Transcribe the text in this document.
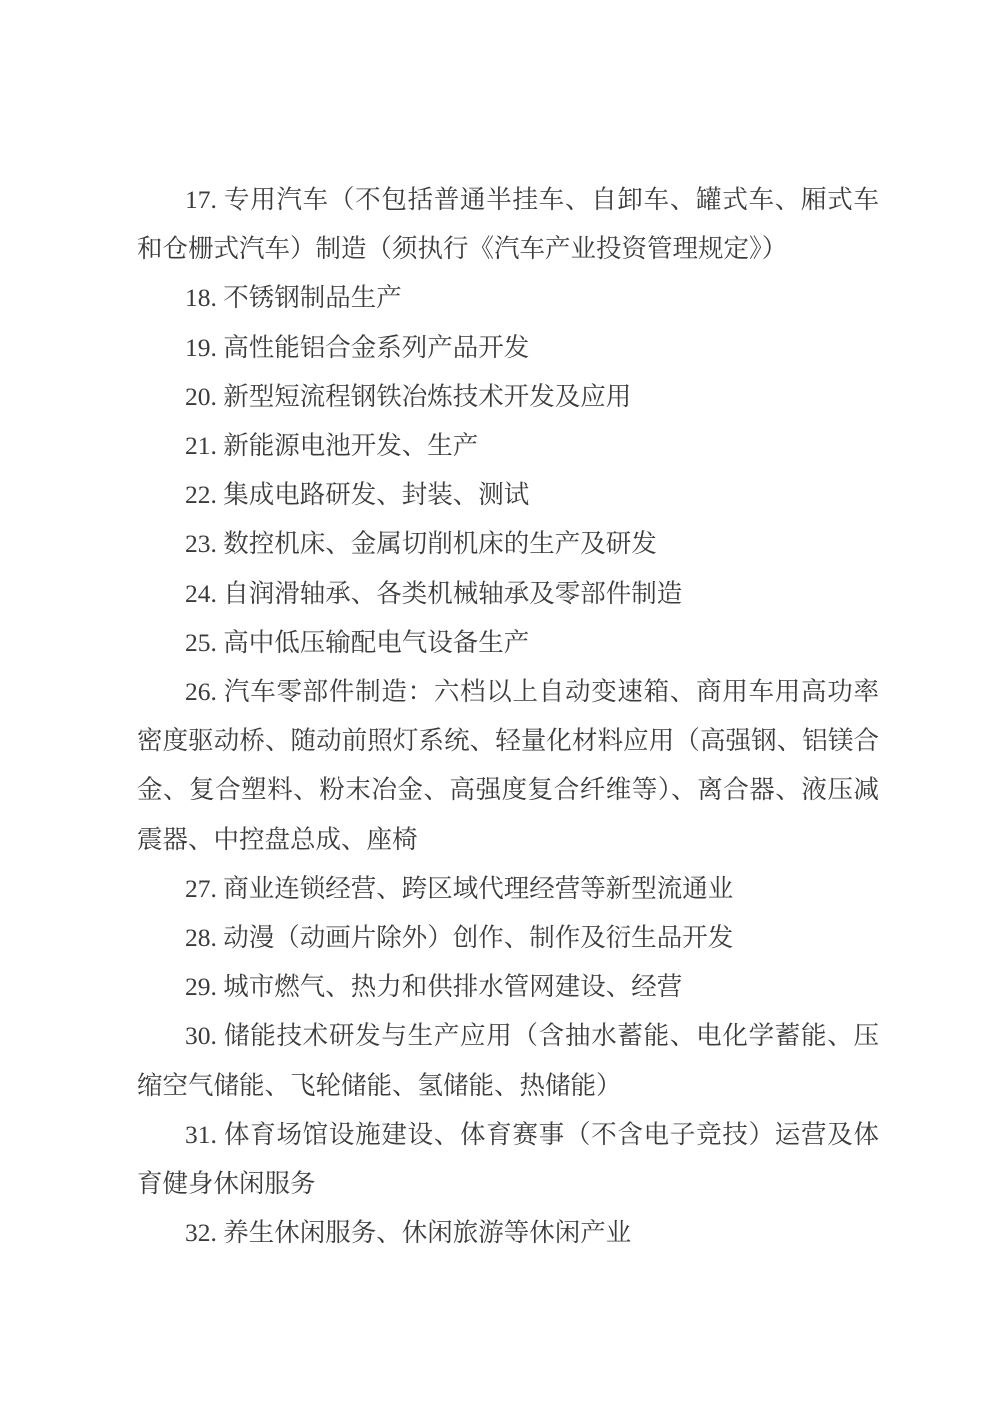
17. 专用汽车（不包括普通半挂车、自卸车、罐式车、厢式车和仓栅式汽车）制造（须执行《汽车产业投资管理规定》）

18. 不锈钢制品生产

19. 高性能铝合金系列产品开发

20. 新型短流程钢铁冶炼技术开发及应用

21. 新能源电池开发、生产

22. 集成电路研发、封装、测试

23. 数控机床、金属切削机床的生产及研发

24. 自润滑轴承、各类机械轴承及零部件制造

25. 高中低压输配电气设备生产

26. 汽车零部件制造：六档以上自动变速箱、商用车用高功率密度驱动桥、随动前照灯系统、轻量化材料应用（高强钢、铝镁合金、复合塑料、粉末冶金、高强度复合纤维等）、离合器、液压减震器、中控盘总成、座椅

27. 商业连锁经营、跨区域代理经营等新型流通业

28. 动漫（动画片除外）创作、制作及衍生品开发

29. 城市燃气、热力和供排水管网建设、经营

30. 储能技术研发与生产应用（含抽水蓄能、电化学蓄能、压缩空气储能、飞轮储能、氢储能、热储能）

31. 体育场馆设施建设、体育赛事（不含电子竞技）运营及体育健身休闲服务

32. 养生休闲服务、休闲旅游等休闲产业
